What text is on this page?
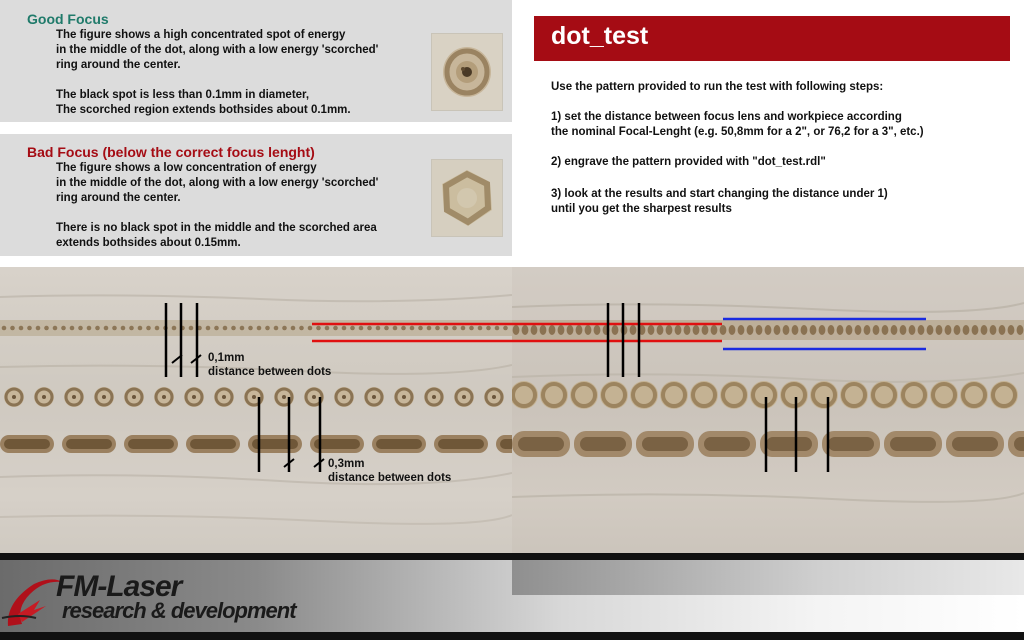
Good Focus
The figure shows a high concentrated spot of energy
in the middle of the dot, along with a low energy 'scorched'
ring around the center.

The black spot is less than 0.1mm in diameter,
The scorched region extends bothsides about 0.1mm.
Bad Focus (below the correct focus lenght)
The figure shows a low concentration of energy
in the middle of the dot, along with a low energy 'scorched'
ring around the center.

There is no black spot in the middle and the scorched area
extends bothsides about 0.15mm.
dot_test
Use the pattern provided to run the test with following steps:
1) set the distance between focus lens and workpiece according
the nominal Focal-Lenght (e.g. 50,8mm for a 2", or 76,2 for a 3", etc.)
2) engrave the pattern provided with "dot_test.rdl"
3) look at the results and start changing the distance under 1)
until you get the sharpest results
0,1mm
distance between dots
0,3mm
distance between dots
FM-Laser
research & development
